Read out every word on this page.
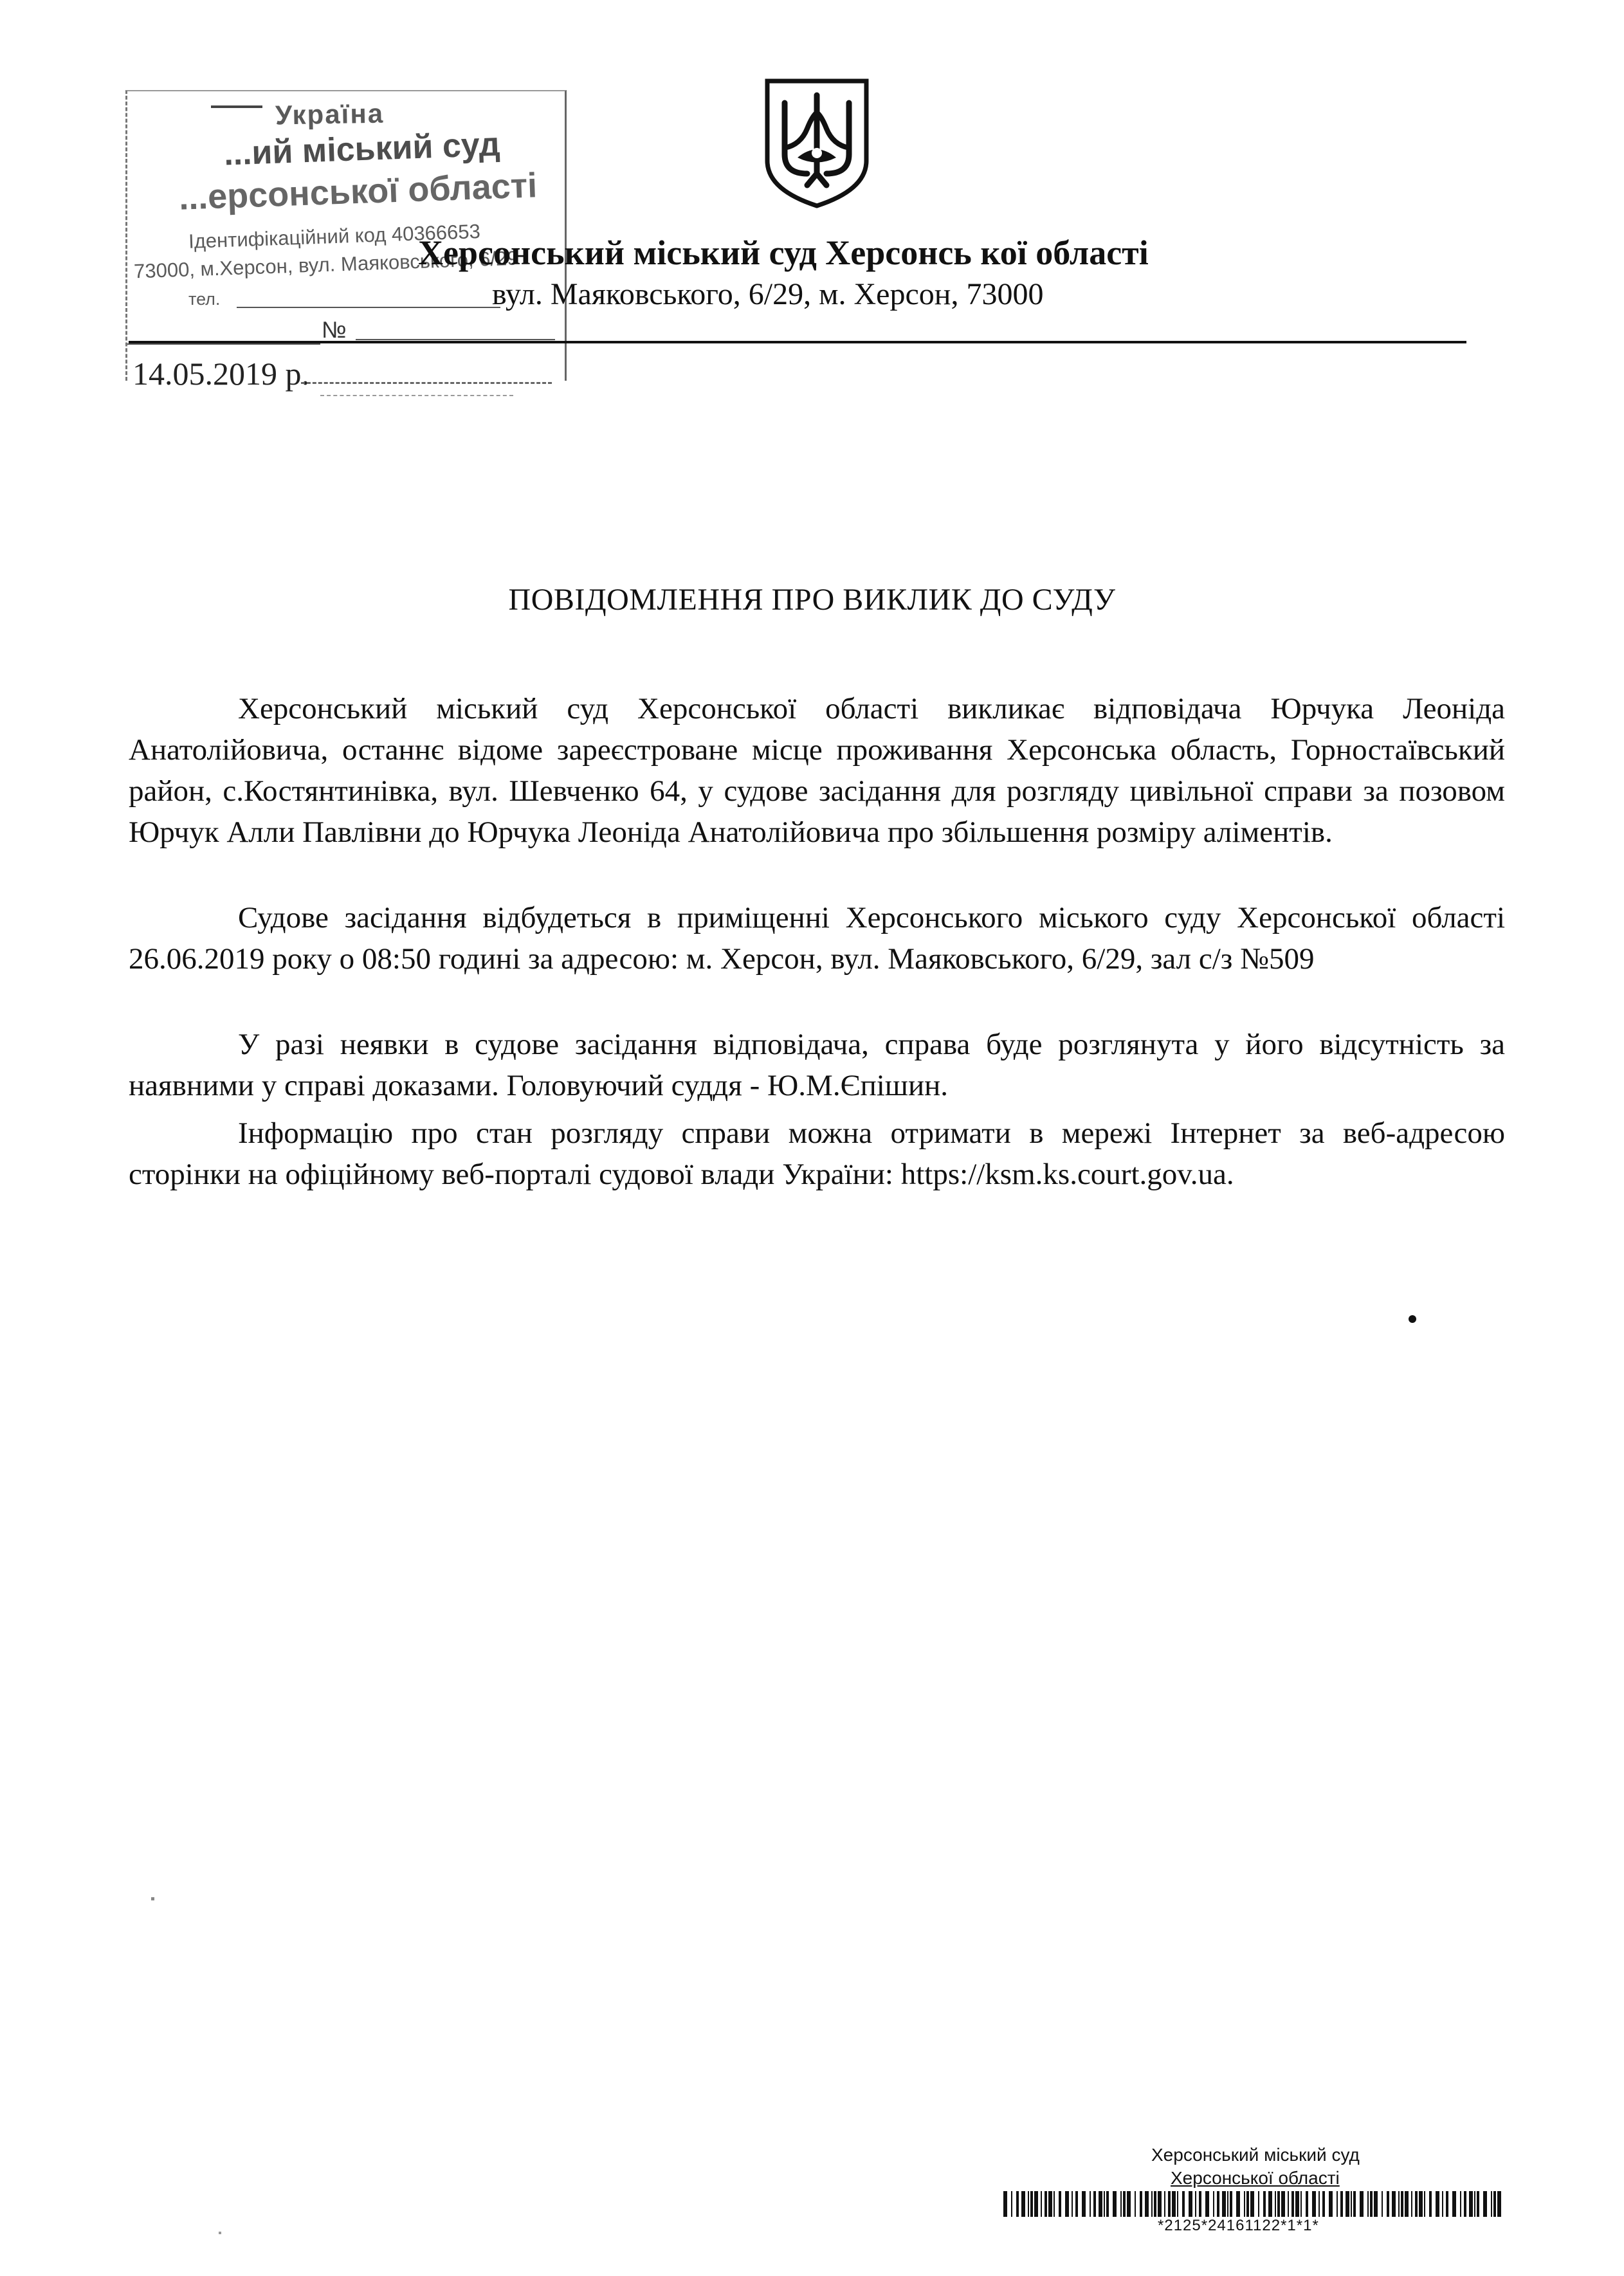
Україна
...ий міський суд
...ерсонської області
Ідентифікаційний код 40366653
73000, м.Херсон, вул. Маяковського, 6/29
тел.
№
14.05.2019 р.
Херсонський міський суд Херсонсь кої області
вул. Маяковського, 6/29, м. Херсон, 73000
ПОВІДОМЛЕННЯ ПРО ВИКЛИК ДО СУДУ
Херсонський міський суд Херсонської області викликає відповідача Юрчука Леоніда Анатолійовича, останнє відоме зареєстроване місце проживання Херсонська область, Горностаївський район, с.Костянтинівка, вул. Шевченко 64, у судове засідання для розгляду цивільної справи за позовом Юрчук Алли Павлівни до Юрчука Леоніда Анатолійовича про збільшення розміру аліментів.
Судове засідання відбудеться в приміщенні Херсонського міського суду Херсонської області 26.06.2019 року о 08:50 годині за адресою: м. Херсон, вул. Маяковського, 6/29, зал с/з №509
У разі неявки в судове засідання відповідача, справа буде розглянута у його відсутність за наявними у справі доказами. Головуючий суддя - Ю.М.Єпішин.
Інформацію про стан розгляду справи можна отримати в мережі Інтернет за веб-адресою сторінки на офіційному веб-порталі судової влади України: https://ksm.ks.court.gov.ua.
Херсонський міський суд
Херсонської області
*2125*24161122*1*1*
